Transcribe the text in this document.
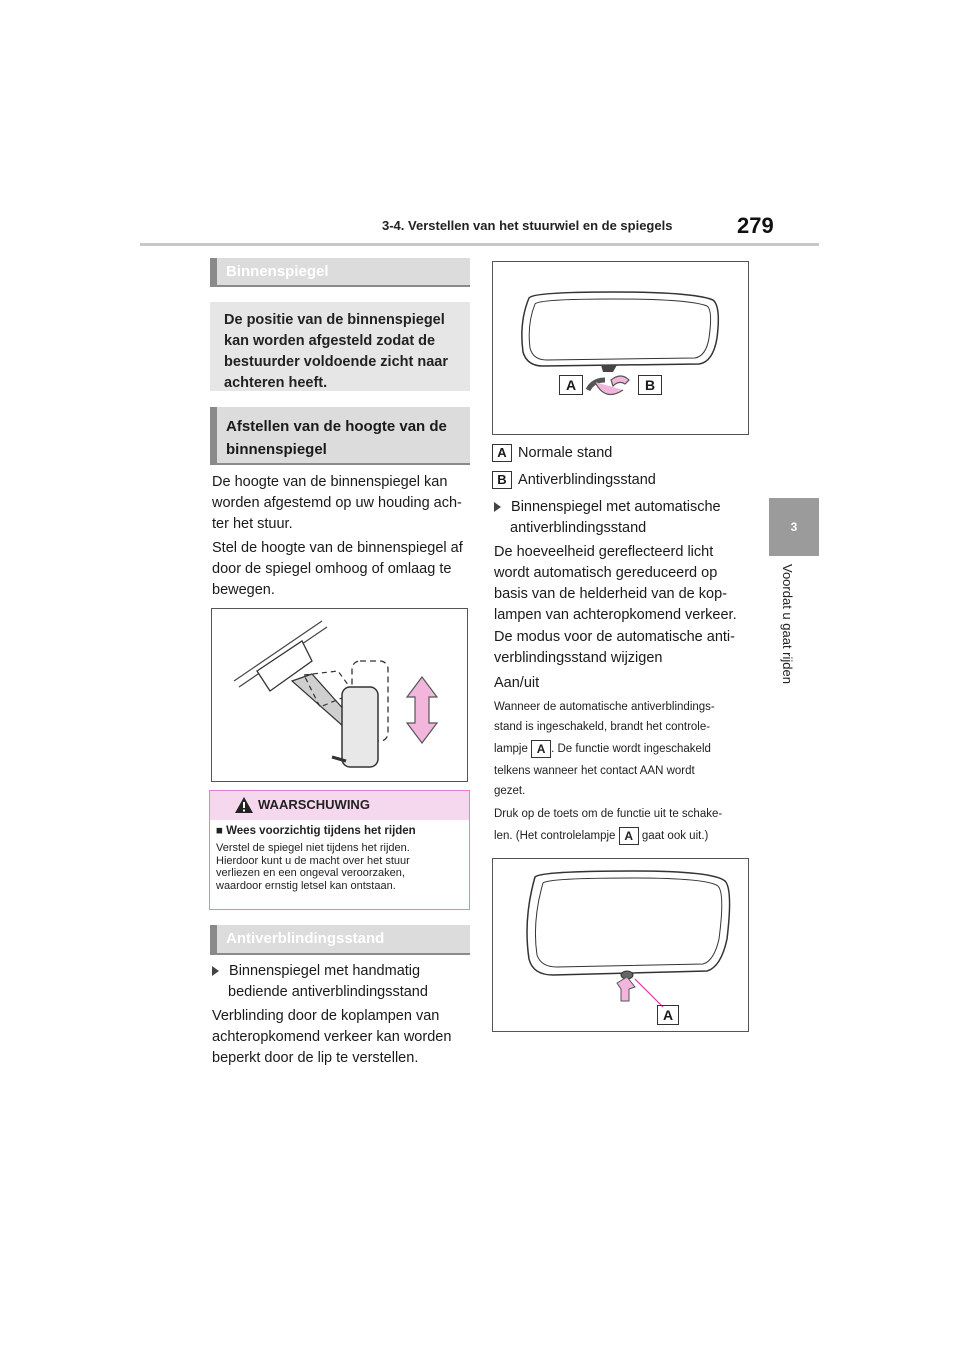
3-4. Verstellen van het stuurwiel en de spiegels	279
3
Voordat u gaat rijden
Binnenspiegel

De positie van de binnenspiegel kan worden afgesteld zodat de bestuurder voldoende zicht naar achteren heeft.

Afstellen van de hoogte van de
binnenspiegel
De hoogte van de binnenspiegel kan
worden afgestemd op uw houding ach-
ter het stuur.
Stel de hoogte van de binnenspiegel af
door de spiegel omhoog of omlaag te
bewegen.
WAARSCHUWING
■ Wees voorzichtig tijdens het rijden
Verstel de spiegel niet tijdens het rijden.
Hierdoor kunt u de macht over het stuur
verliezen en een ongeval veroorzaken,
waardoor ernstig letsel kan ontstaan.
Antiverblindingsstand
Binnenspiegel met handmatig
bediende antiverblindingsstand
Verblinding door de koplampen van
achteropkomend verkeer kan worden
beperkt door de lip te verstellen.
A	B
A Normale stand
B Antiverblindingsstand
Binnenspiegel met automatische
antiverblindingsstand
De hoeveelheid gereflecteerd licht
wordt automatisch gereduceerd op
basis van de helderheid van de kop-
lampen van achteropkomend verkeer.
De modus voor de automatische anti-
verblindingsstand wijzigen
Aan/uit
Wanneer de automatische antiverblindings-
stand is ingeschakeld, brandt het controle-
lampje A . De functie wordt ingeschakeld
telkens wanneer het contact AAN wordt
gezet.
Druk op de toets om de functie uit te schake-
len. (Het controlelampje A gaat ook uit.)
A
